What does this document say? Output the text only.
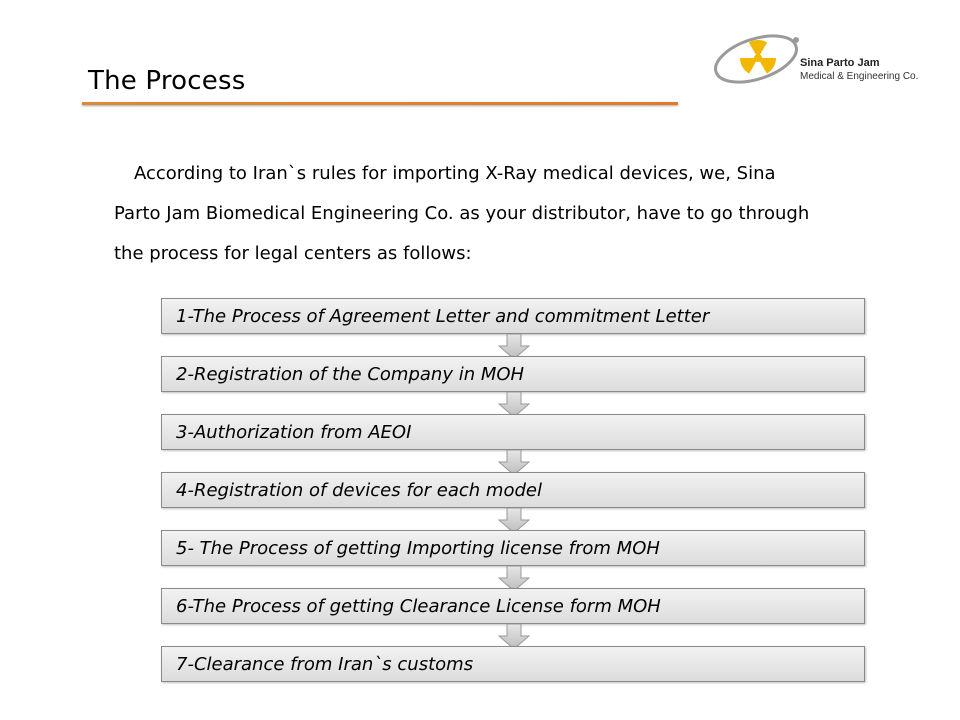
The Process
Sina Parto Jam
Medical & Engineering Co.
According to Iran`s rules for importing X-Ray medical devices, we, Sina
Parto Jam Biomedical Engineering Co. as your distributor, have to go through
the process for legal centers as follows:
1-The Process of Agreement Letter and commitment Letter
2-Registration of the Company in MOH
3-Authorization from AEOI
4-Registration of devices for each model
5- The Process of getting Importing license from MOH
6-The Process of getting Clearance License form MOH
7-Clearance from Iran`s customs
